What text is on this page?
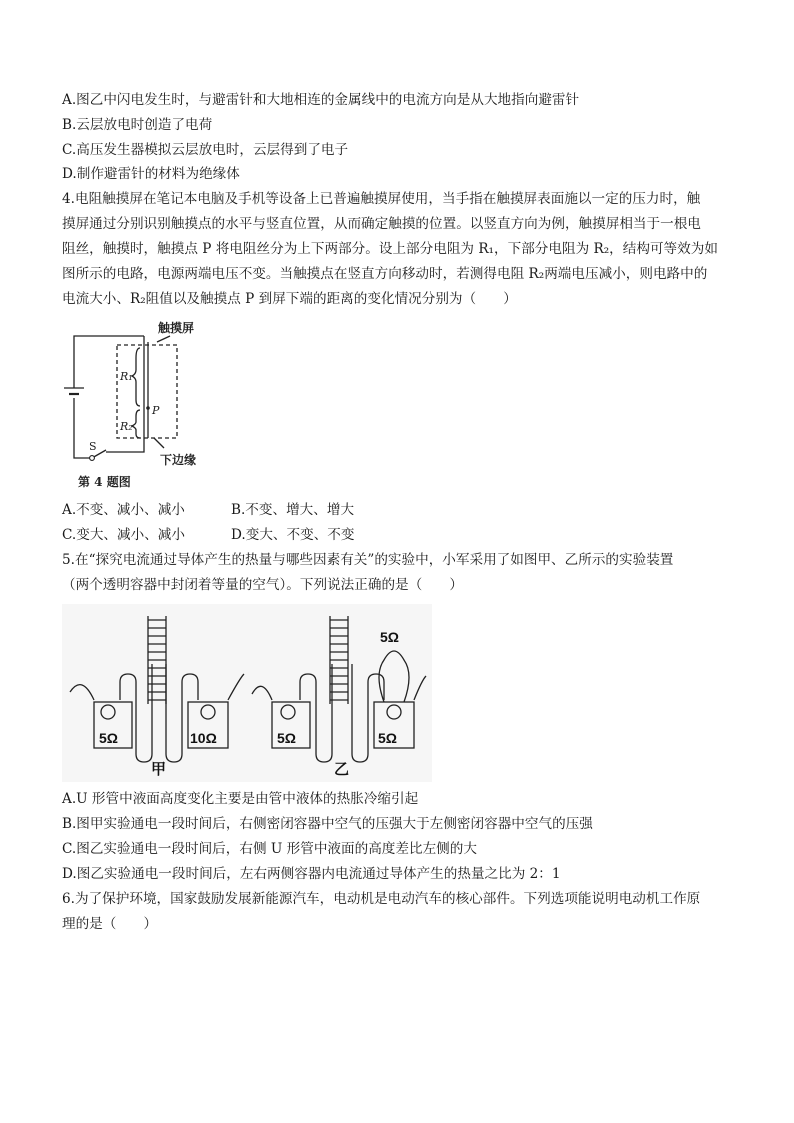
A.图乙中闪电发生时，与避雷针和大地相连的金属线中的电流方向是从大地指向避雷针
B.云层放电时创造了电荷
C.高压发生器模拟云层放电时，云层得到了电子
D.制作避雷针的材料为绝缘体
4.电阻触摸屏在笔记本电脑及手机等设备上已普遍触摸屏使用，当手指在触摸屏表面施以一定的压力时，触
摸屏通过分别识别触摸点的水平与竖直位置，从而确定触摸的位置。以竖直方向为例，触摸屏相当于一根电
阻丝，触摸时，触摸点 P 将电阻丝分为上下两部分。设上部分电阻为 R₁，下部分电阻为 R₂，结构可等效为如
图所示的电路，电源两端电压不变。当触摸点在竖直方向移动时，若测得电阻 R₂两端电压减小，则电路中的
电流大小、R₂阻值以及触摸点 P 到屏下端的距离的变化情况分别为（　　）
触摸屏
下边缘
R₁
R₂
P
S
第 4 题图
A.不变、减小、减小	B.不变、增大、增大
C.变大、减小、减小	D.变大、不变、不变
5.在“探究电流通过导体产生的热量与哪些因素有关”的实验中，小军采用了如图甲、乙所示的实验装置
（两个透明容器中封闭着等量的空气）。下列说法正确的是（　　）
5Ω	10Ω
甲
5Ω	5Ω
5Ω
乙
A.U 形管中液面高度变化主要是由管中液体的热胀冷缩引起
B.图甲实验通电一段时间后，右侧密闭容器中空气的压强大于左侧密闭容器中空气的压强
C.图乙实验通电一段时间后，右侧 U 形管中液面的高度差比左侧的大
D.图乙实验通电一段时间后，左右两侧容器内电流通过导体产生的热量之比为 2：1
6.为了保护环境，国家鼓励发展新能源汽车，电动机是电动汽车的核心部件。下列选项能说明电动机工作原
理的是（　　）
